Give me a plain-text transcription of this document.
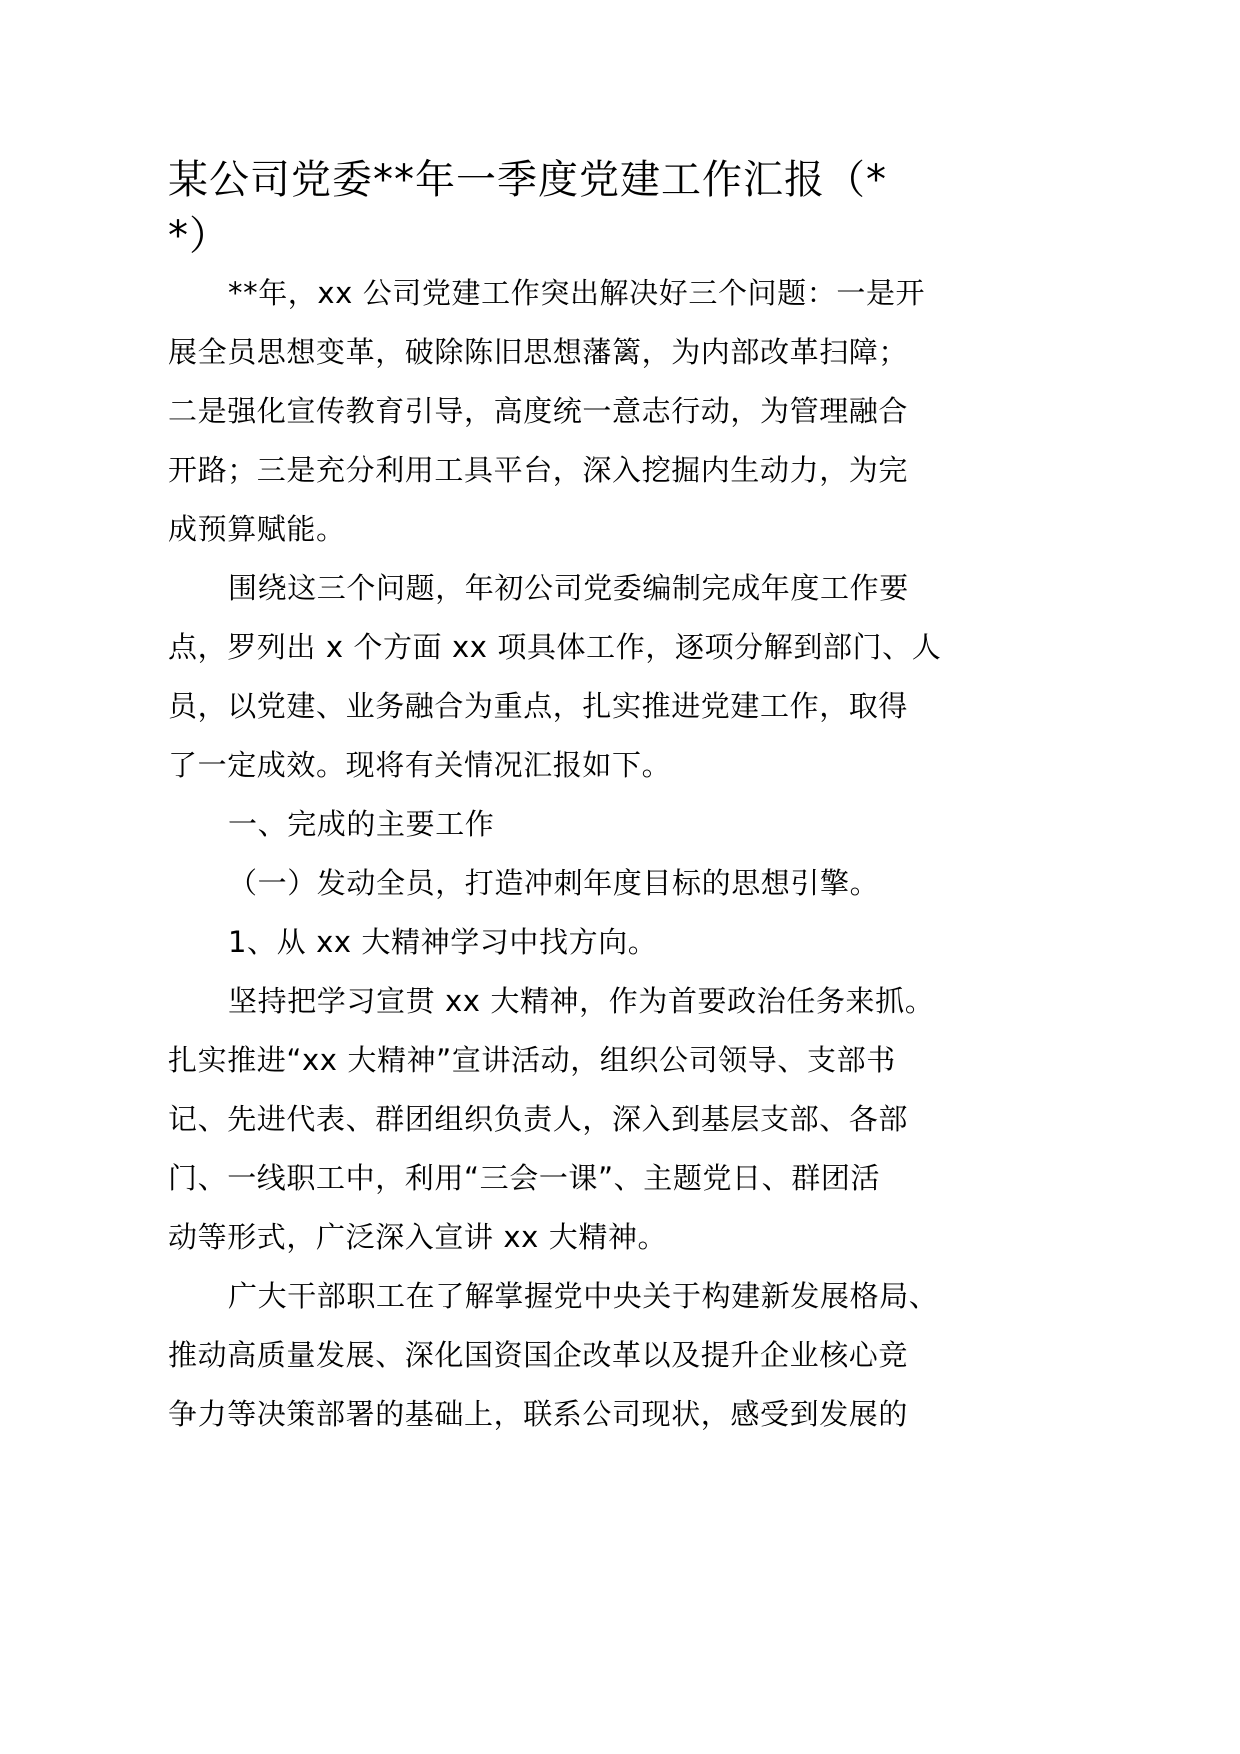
某公司党委**年一季度党建工作汇报（*
*）
**年，xx 公司党建工作突出解决好三个问题：一是开
展全员思想变革，破除陈旧思想藩篱，为内部改革扫障；
二是强化宣传教育引导，高度统一意志行动，为管理融合
开路；三是充分利用工具平台，深入挖掘内生动力，为完
成预算赋能。
围绕这三个问题，年初公司党委编制完成年度工作要
点，罗列出 x 个方面 xx 项具体工作，逐项分解到部门、人
员，以党建、业务融合为重点，扎实推进党建工作，取得
了一定成效。现将有关情况汇报如下。
一、完成的主要工作
（一）发动全员，打造冲刺年度目标的思想引擎。
1、从 xx 大精神学习中找方向。
坚持把学习宣贯 xx 大精神，作为首要政治任务来抓。
扎实推进“xx 大精神”宣讲活动，组织公司领导、支部书
记、先进代表、群团组织负责人，深入到基层支部、各部
门、一线职工中，利用“三会一课”、主题党日、群团活
动等形式，广泛深入宣讲 xx 大精神。
广大干部职工在了解掌握党中央关于构建新发展格局、
推动高质量发展、深化国资国企改革以及提升企业核心竞
争力等决策部署的基础上，联系公司现状，感受到发展的
